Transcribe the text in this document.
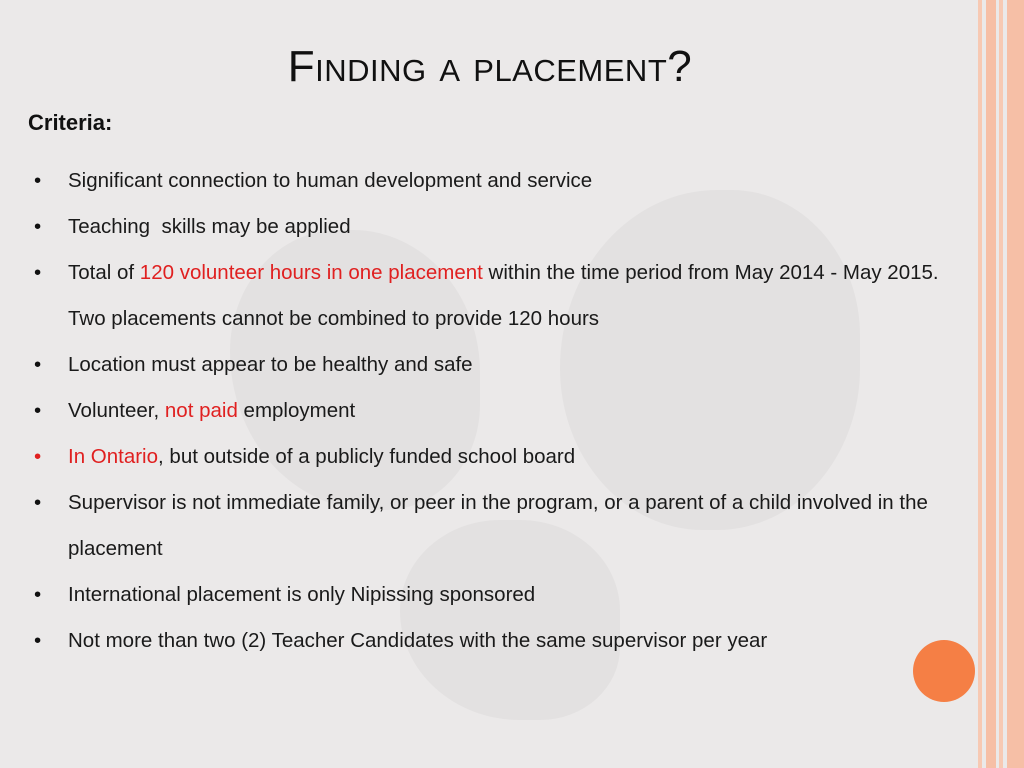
Finding a placement?
Criteria:
• Significant connection to human development and service
• Teaching  skills may be applied
• Total of 120 volunteer hours in one placement within the time period from May 2014 - May 2015. Two placements cannot be combined to provide 120 hours
• Location must appear to be healthy and safe
• Volunteer, not paid employment
• In Ontario, but outside of a publicly funded school board
• Supervisor is not immediate family, or peer in the program, or a parent of a child involved in the placement
• International placement is only Nipissing sponsored
• Not more than two (2) Teacher Candidates with the same supervisor per year
